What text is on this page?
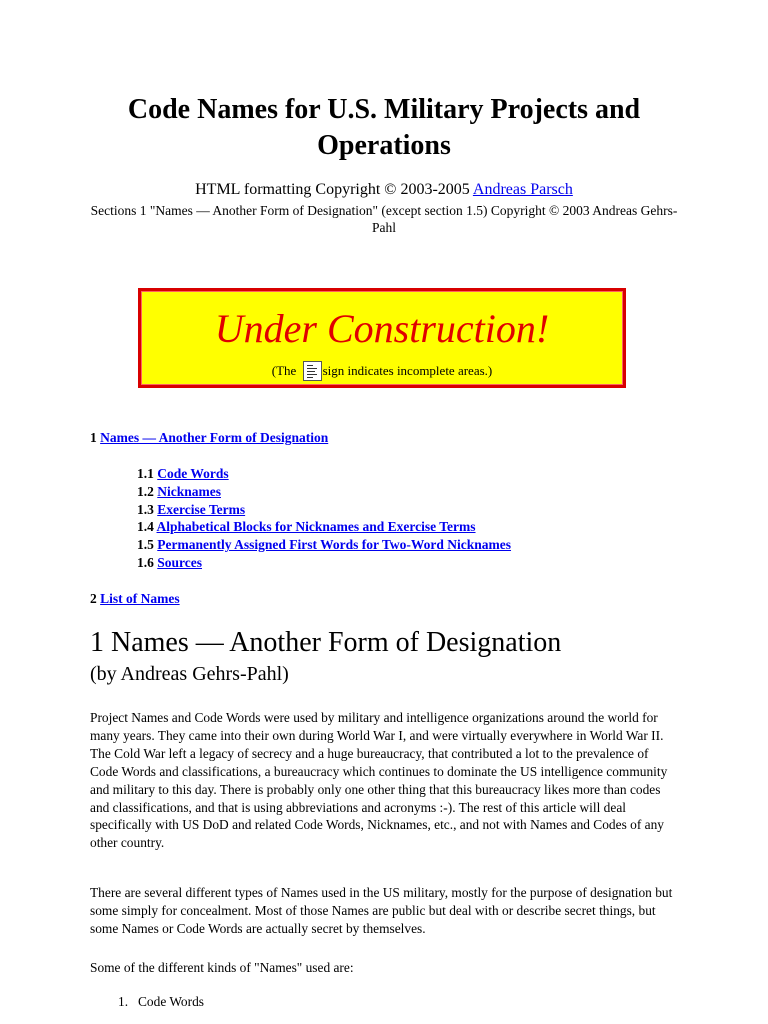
Code Names for U.S. Military Projects and Operations
HTML formatting Copyright © 2003-2005 Andreas Parsch
Sections 1 "Names — Another Form of Designation" (except section 1.5) Copyright © 2003 Andreas Gehrs-Pahl
Under Construction!
(The
sign indicates incomplete areas.)
1 Names — Another Form of Designation
1.1 Code Words
1.2 Nicknames
1.3 Exercise Terms
1.4 Alphabetical Blocks for Nicknames and Exercise Terms
1.5 Permanently Assigned First Words for Two-Word Nicknames
1.6 Sources
2 List of Names
1 Names — Another Form of Designation
(by Andreas Gehrs-Pahl)

Project Names and Code Words were used by military and intelligence organizations around the world for many years. They came into their own during World War I, and were virtually everywhere in World War II. The Cold War left a legacy of secrecy and a huge bureaucracy, that contributed a lot to the prevalence of Code Words and classifications, a bureaucracy which continues to dominate the US intelligence community and military to this day. There is probably only one other thing that this bureaucracy likes more than codes and classifications, and that is using abbreviations and acronyms :-). The rest of this article will deal specifically with US DoD and related Code Words, Nicknames, etc., and not with Names and Codes of any other country.

There are several different types of Names used in the US military, mostly for the purpose of designation but some simply for concealment. Most of those Names are public but deal with or describe secret things, but some Names or Code Words are actually secret by themselves.

Some of the different kinds of "Names" used are:

1. Code Words
